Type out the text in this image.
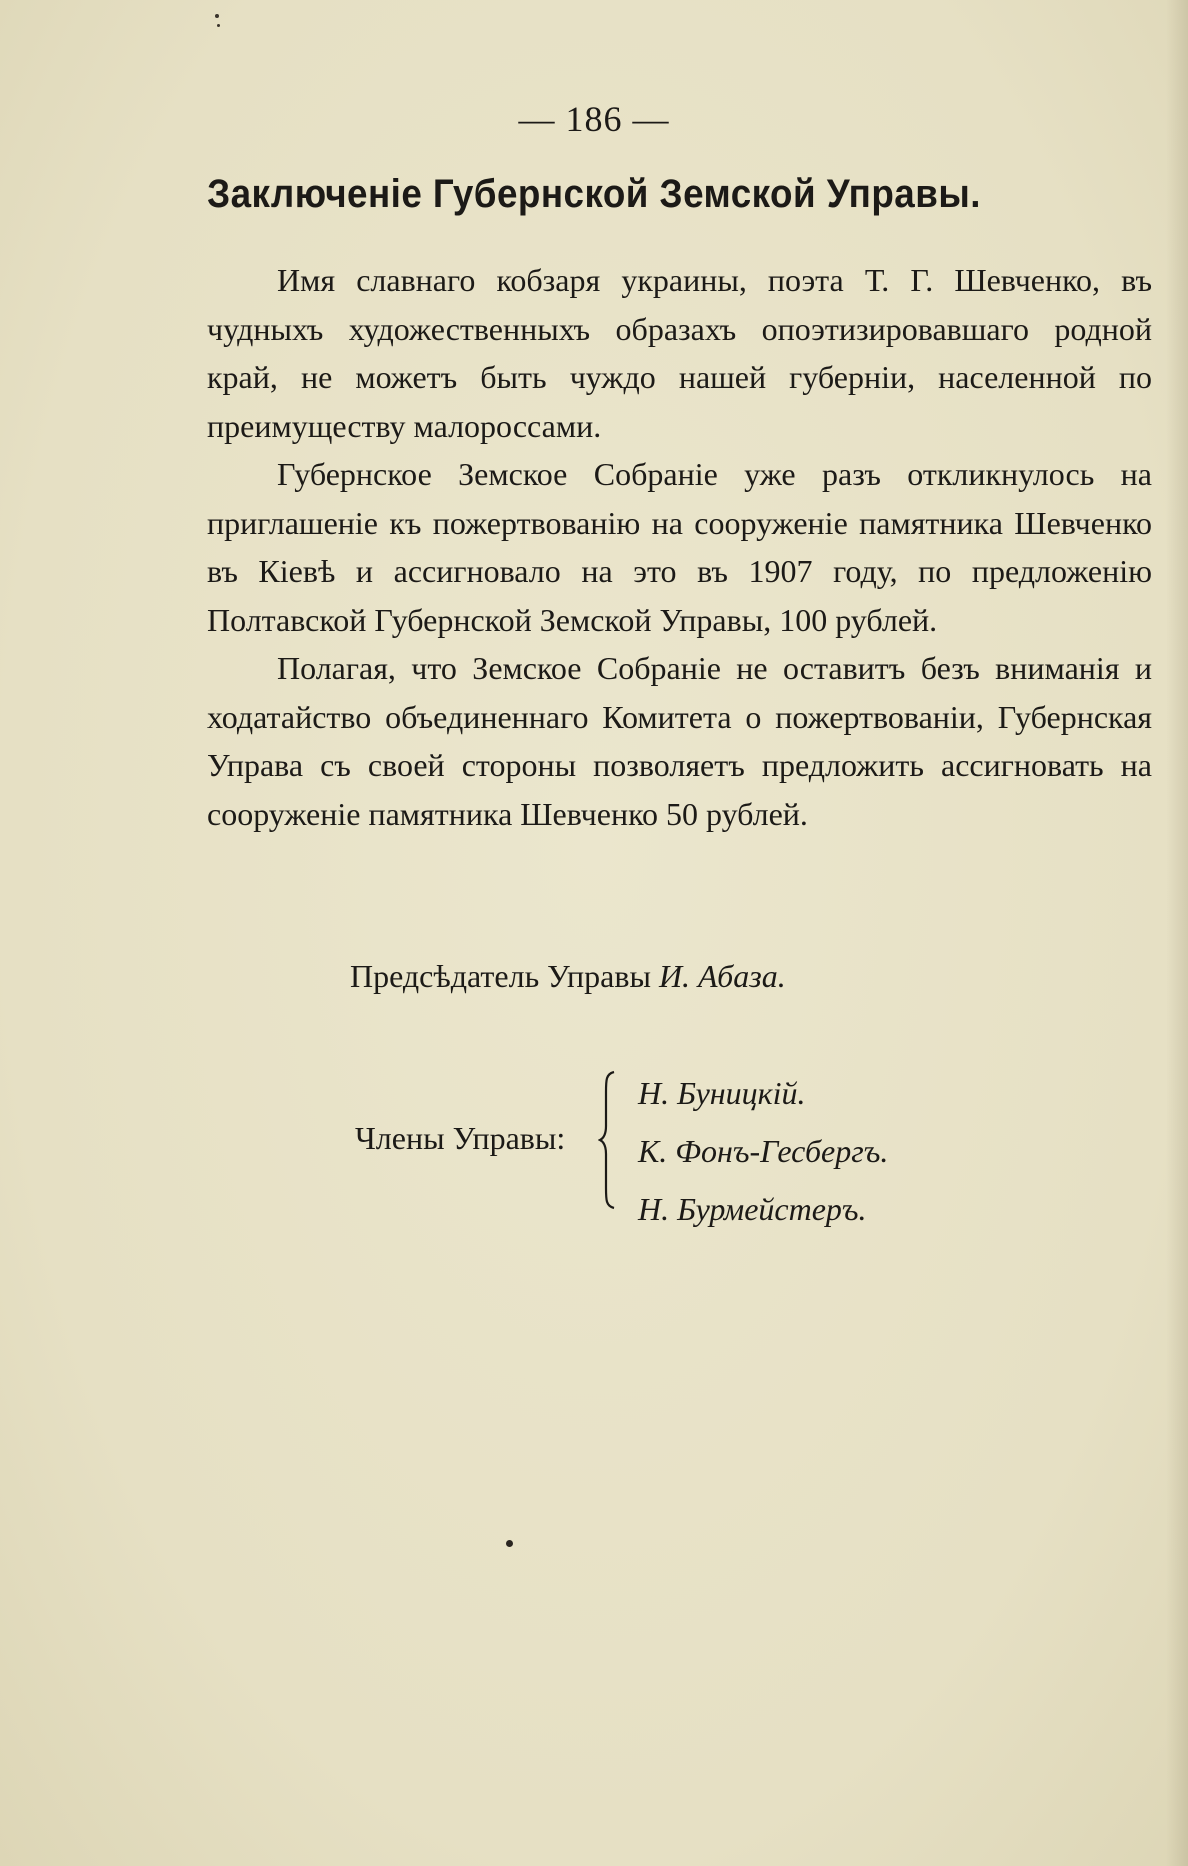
— 186 —
Заключенiе Губернской Земской Управы.

Имя славнаго кобзаря украины, поэта Т. Г. Шевченко, въ чудныхъ художественныхъ образахъ опоэтизировавшаго родной край, не можетъ быть чуждо нашей губернiи, населенной по преимуществу малороссами.

Губернское Земское Собранiе уже разъ откликнулось на приглашенiе къ пожертвованiю на сооруженiе памятника Шевченко въ Кiевѣ и ассигновало на это въ 1907 году, по предложенiю Полтавской Губернской Земской Управы, 100 рублей.

Полагая, что Земское Собранiе не оставитъ безъ вниманiя и ходатайство объединеннаго Комитета о пожертвованiи, Губернская Управа съ своей стороны позволяетъ предложить ассигновать на сооруженiе памятника Шевченко 50 рублей.

Предсѣдатель Управы И. Абаза.
Члены Управы:
Н. Буницкiй.
К. Фонъ-Гесбергъ.
Н. Бурмейстеръ.
